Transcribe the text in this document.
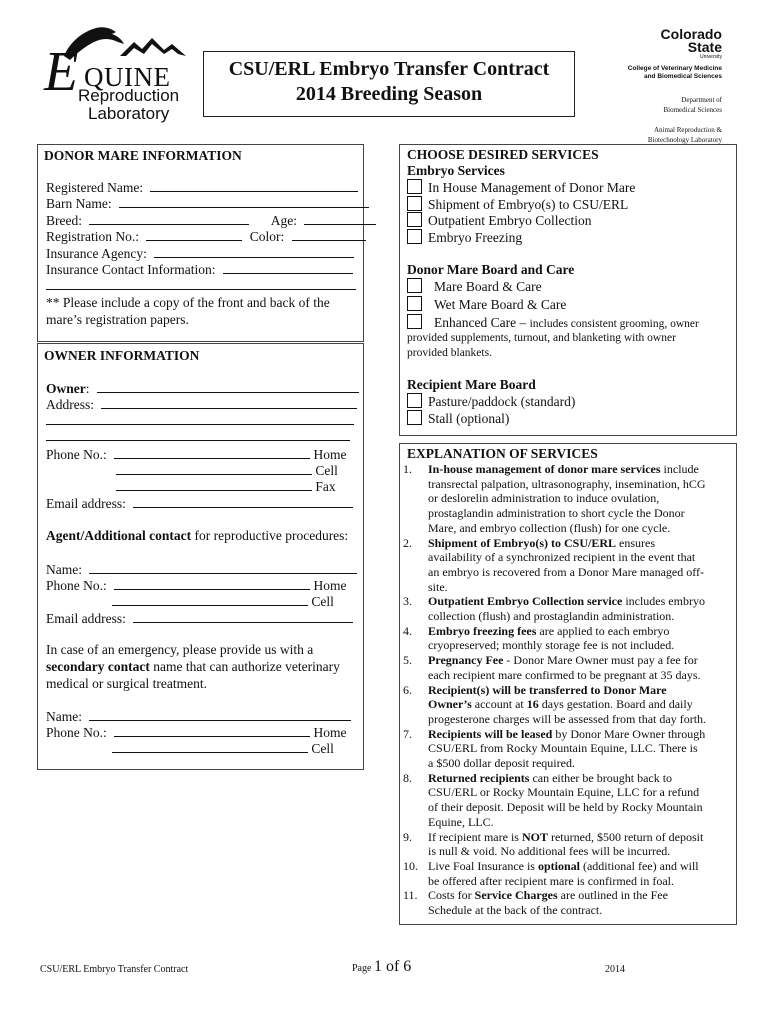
E QUINE
Reproduction
Laboratory
CSU/ERL Embryo Transfer Contract
2014 Breeding Season
Colorado
State
University
College of Veterinary Medicine
and Biomedical Sciences
Department of
Biomedical Sciences
Animal Reproduction &
Biotechnology Laboratory
DONOR MARE INFORMATION
Registered Name:
Barn Name:
Breed:	Age:
Registration No.:	Color:
Insurance Agency:
Insurance Contact Information:
** Please include a copy of the front and back of the
mare’s registration papers.
OWNER INFORMATION
Owner:
Address:
Phone No.:	Home
Cell
Fax
Email address:
Agent/Additional contact for reproductive procedures:
Name:
Phone No.:	Home
Cell
Email address:
In case of an emergency, please provide us with a
secondary contact name that can authorize veterinary
medical or surgical treatment.
Name:
Phone No.:	Home
Cell
CHOOSE DESIRED SERVICES
Embryo Services
In House Management of Donor Mare
Shipment of Embryo(s) to CSU/ERL
Outpatient Embryo Collection
Embryo Freezing
Donor Mare Board and Care
Mare Board & Care
Wet Mare Board & Care
Enhanced Care – includes consistent grooming, owner
provided supplements, turnout, and blanketing with owner
provided blankets.
Recipient Mare Board
Pasture/paddock (standard)
Stall (optional)
EXPLANATION OF SERVICES
1. In-house management of donor mare services include
transrectal palpation, ultrasonography, insemination, hCG
or deslorelin administration to induce ovulation,
prostaglandin administration to short cycle the Donor
Mare, and embryo collection (flush) for one cycle.
2. Shipment of Embryo(s) to CSU/ERL ensures
availability of a synchronized recipient in the event that
an embryo is recovered from a Donor Mare managed off-
site.
3. Outpatient Embryo Collection service includes embryo
collection (flush) and prostaglandin administration.
4. Embryo freezing fees are applied to each embryo
cryopreserved; monthly storage fee is not included.
5. Pregnancy Fee - Donor Mare Owner must pay a fee for
each recipient mare confirmed to be pregnant at 35 days.
6. Recipient(s) will be transferred to Donor Mare
Owner’s account at 16 days gestation. Board and daily
progesterone charges will be assessed from that day forth.
7. Recipients will be leased by Donor Mare Owner through
CSU/ERL from Rocky Mountain Equine, LLC. There is
a $500 dollar deposit required.
8. Returned recipients can either be brought back to
CSU/ERL or Rocky Mountain Equine, LLC for a refund
of their deposit. Deposit will be held by Rocky Mountain
Equine, LLC.
9. If recipient mare is NOT returned, $500 return of deposit
is null & void. No additional fees will be incurred.
10. Live Foal Insurance is optional (additional fee) and will
be offered after recipient mare is confirmed in foal.
11. Costs for Service Charges are outlined in the Fee
Schedule at the back of the contract.
CSU/ERL Embryo Transfer Contract	Page 1 of 6	2014
